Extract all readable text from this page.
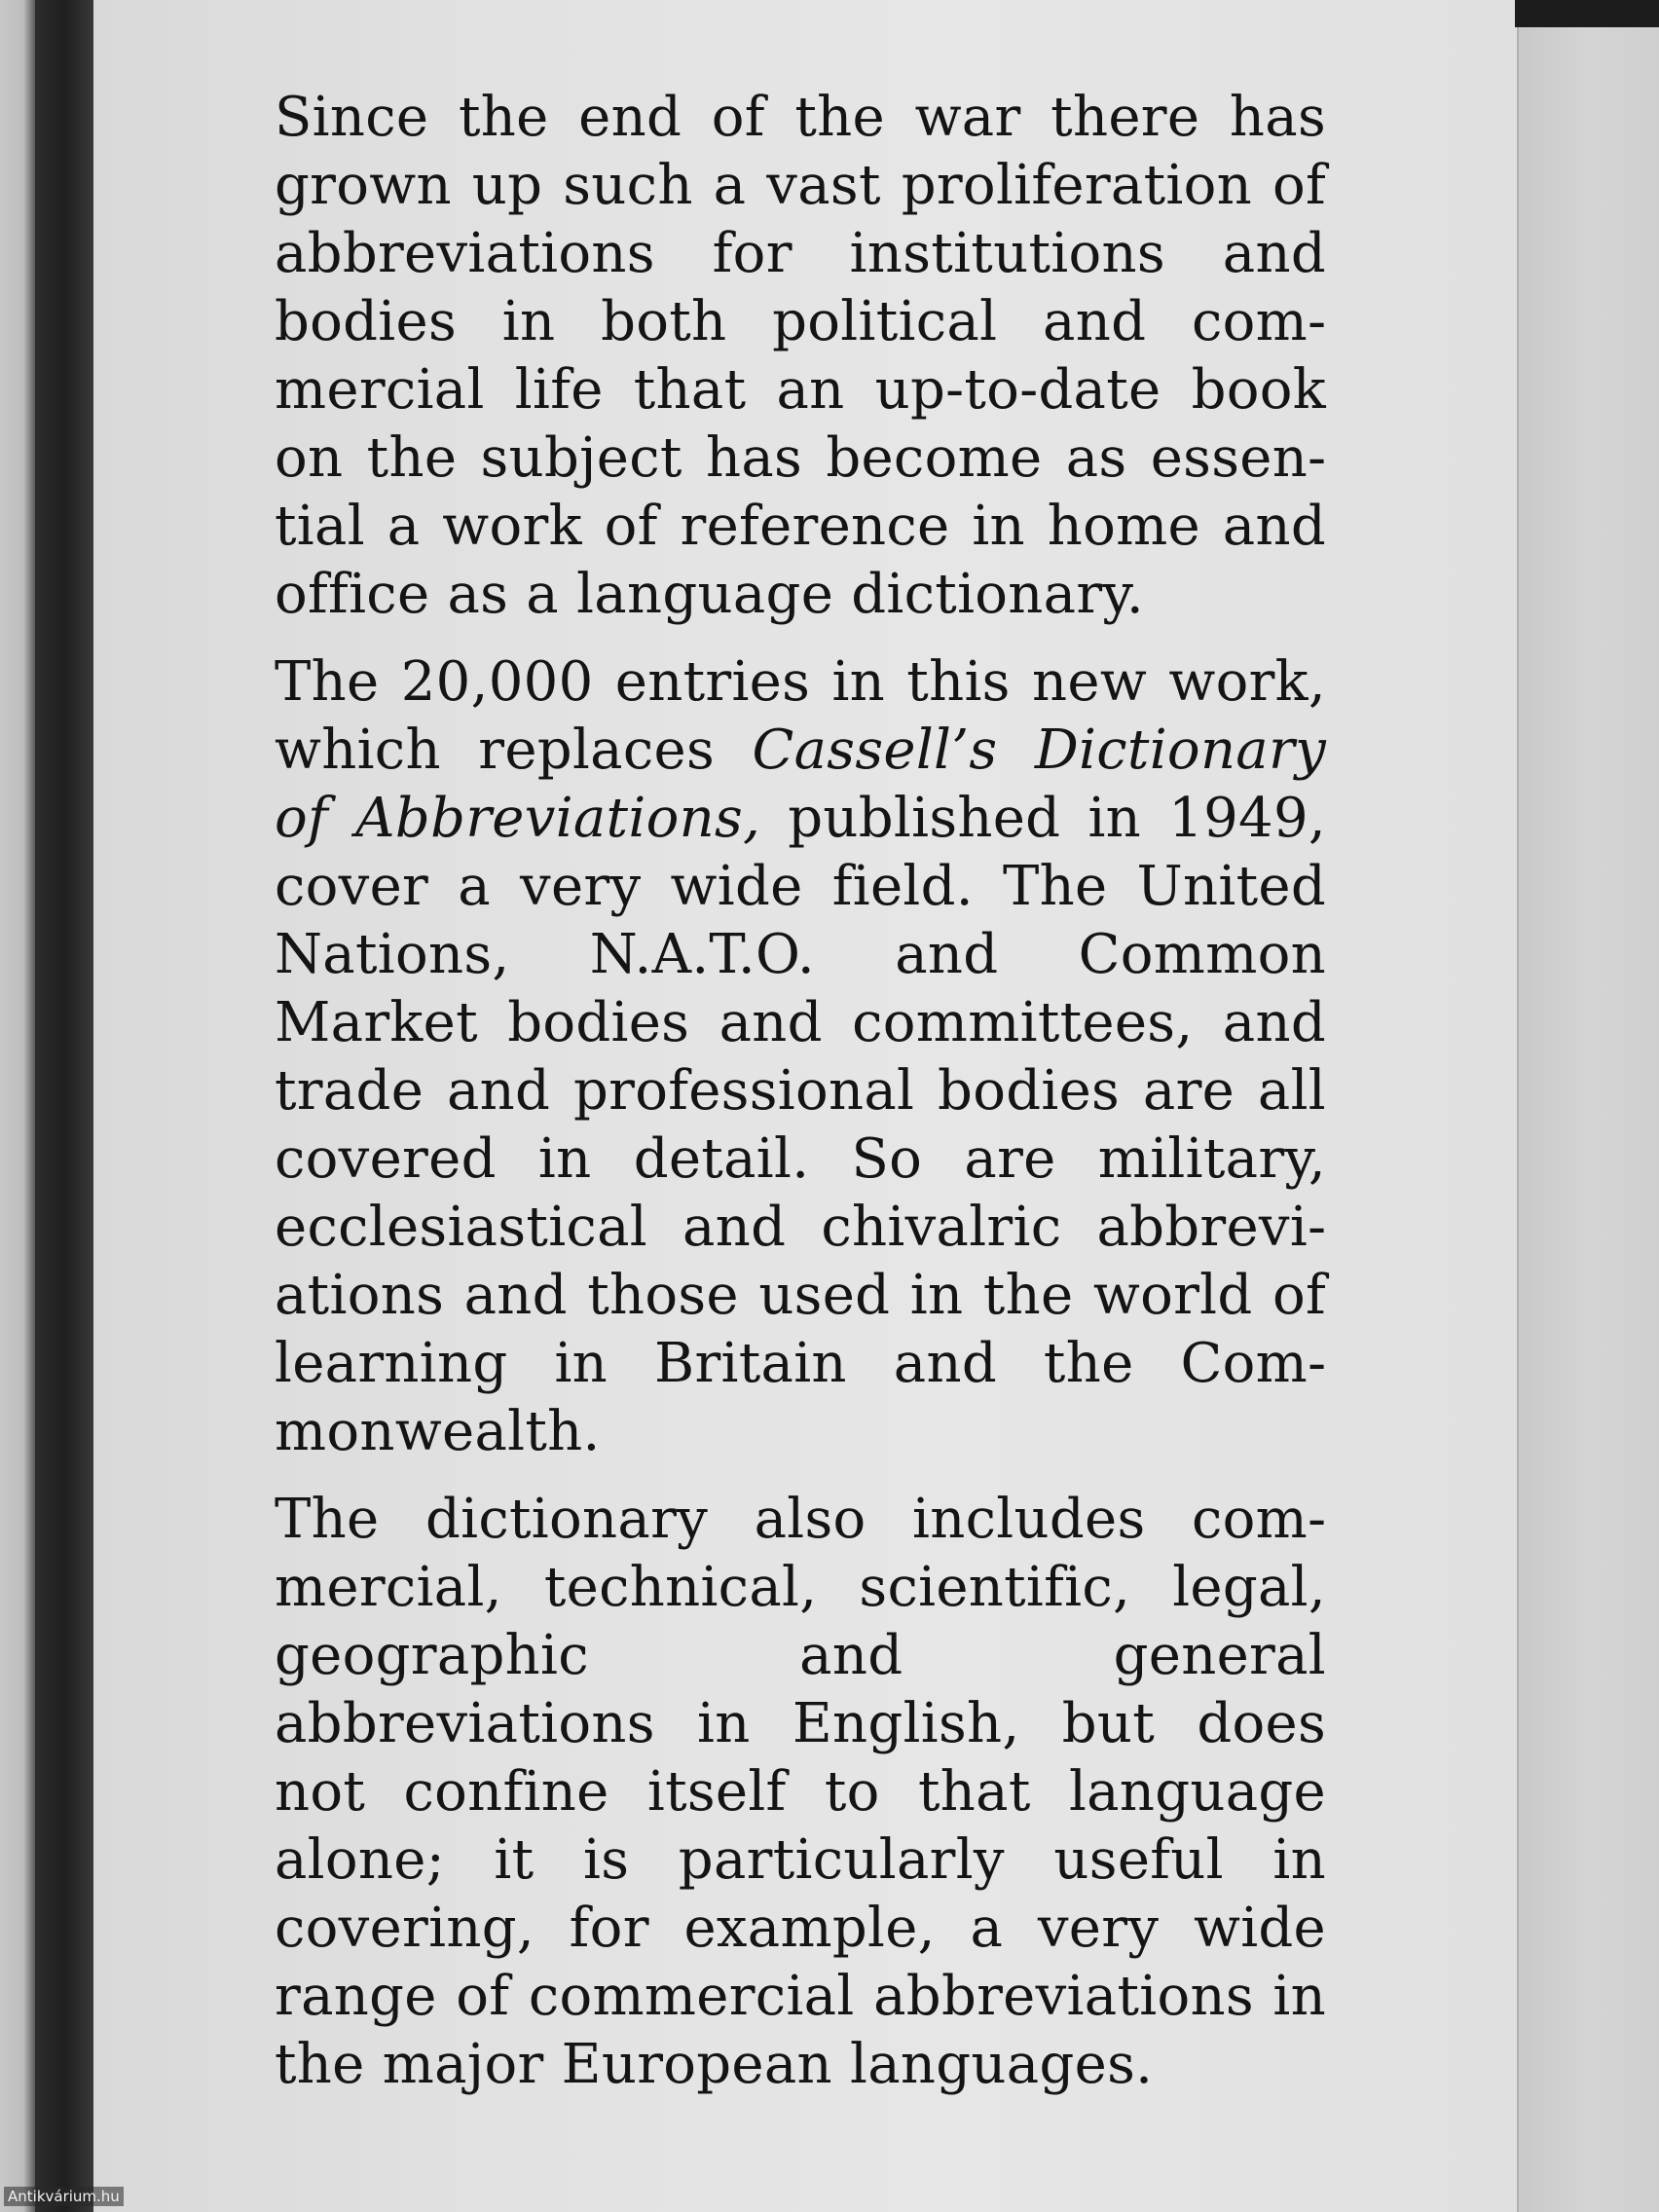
Since the end of the war there has grown up such a vast proliferation of abbreviations for institutions and bodies in both political and commercial life that an up-to-date book on the subject has become as essential a work of reference in home and office as a language dictionary.

The 20,000 entries in this new work, which replaces Cassell’s Dictionary of Abbreviations, published in 1949, cover a very wide field. The United Nations, N.A.T.O. and Common Market bodies and committees, and trade and professional bodies are all covered in detail. So are military, ecclesiastical and chivalric abbreviations and those used in the world of learning in Britain and the Commonwealth.

The dictionary also includes commercial, technical, scientific, legal, geographic and general abbreviations in English, but does not confine itself to that language alone; it is particularly useful in covering, for example, a very wide range of commercial abbreviations in the major European languages.

Antikvárium.hu
